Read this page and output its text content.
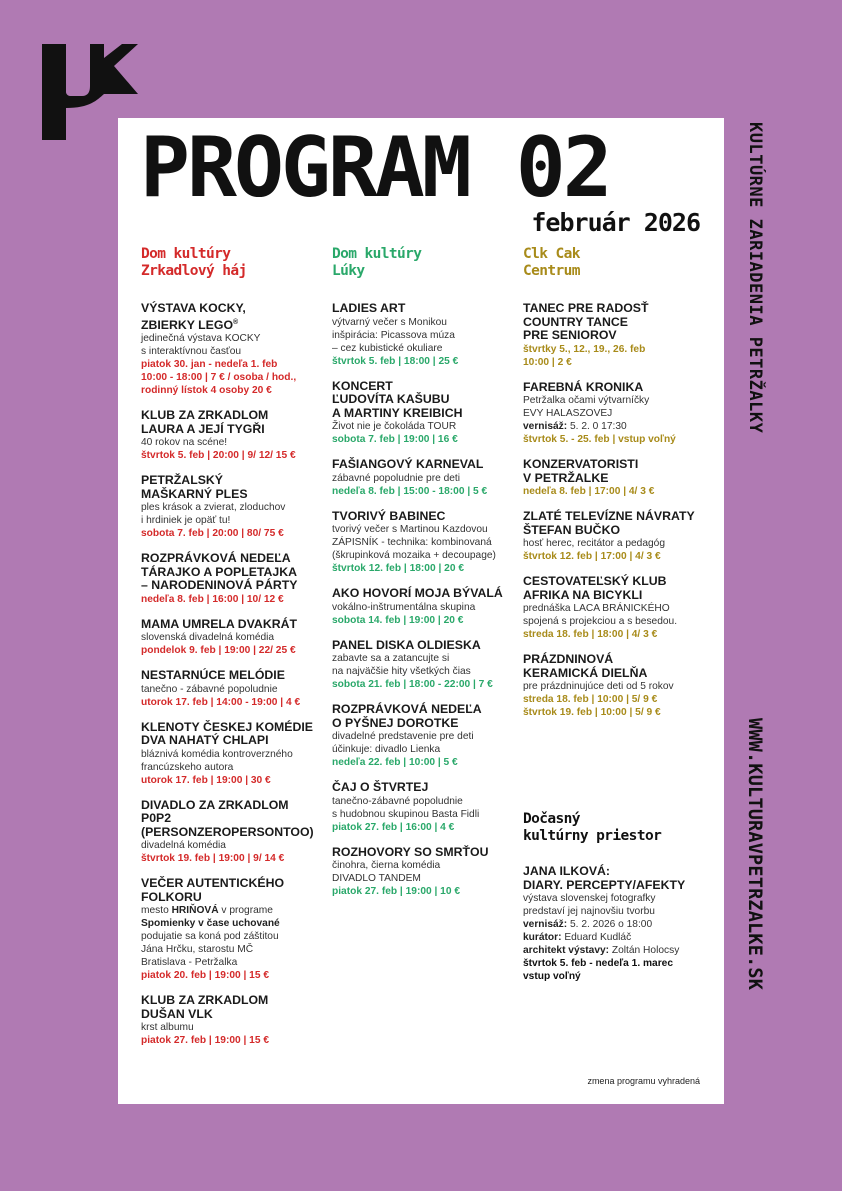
PROGRAM 02
február 2026
Dom kultúry
Zrkadlový háj
VÝSTAVA KOCKY,
ZBIERKY LEGO®
jedinečná výstava KOCKY
s interaktívnou časťou
piatok 30. jan - nedeľa 1. feb
10:00 - 18:00 | 7 € / osoba / hod.,
rodinný lístok 4 osoby 20 €
KLUB ZA ZRKADLOM
LAURA A JEJÍ TYGŘI
40 rokov na scéne!
štvrtok 5. feb | 20:00 | 9/ 12/ 15 €
PETRŽALSKÝ
MAŠKARNÝ PLES
ples krások a zvierat, zloduchov
i hrdiniek je opäť tu!
sobota 7. feb | 20:00 | 80/ 75 €
ROZPRÁVKOVÁ NEDEĽA
TÁRAJKO A POPLETAJKA
– NARODENINOVÁ PÁRTY
nedeľa 8. feb | 16:00 | 10/ 12 €
MAMA UMRELA DVAKRÁT
slovenská divadelná komédia
pondelok 9. feb | 19:00 | 22/ 25 €
NESTARNÚCE MELÓDIE
tanečno - zábavné popoludnie
utorok 17. feb | 14:00 - 19:00 | 4 €
KLENOTY ČESKEJ KOMÉDIE
DVA NAHATÝ CHLAPI
bláznivá komédia kontroverzného
francúzskeho autora
utorok 17. feb | 19:00 | 30 €
DIVADLO ZA ZRKADLOM
P0P2
(PERSONZEROPERSONTOO)
divadelná komédia
štvrtok 19. feb | 19:00 | 9/ 14 €
VEČER AUTENTICKÉHO
FOLKORU
mesto HRIŇOVÁ v programe
Spomienky v čase uchované
podujatie sa koná pod záštitou
Jána Hrčku, starostu MČ
Bratislava - Petržalka
piatok 20. feb | 19:00 | 15 €
KLUB ZA ZRKADLOM
DUŠAN VLK
krst albumu
piatok 27. feb | 19:00 | 15 €
Dom kultúry
Lúky
LADIES ART
výtvarný večer s Monikou
inšpirácia: Picassova múza
– cez kubistické okuliare
štvrtok 5. feb | 18:00 | 25 €
KONCERT
ĽUDOVÍTA KAŠUBU
A MARTINY KREIBICH
Život nie je čokoláda TOUR
sobota 7. feb | 19:00 | 16 €
FAŠIANGOVÝ KARNEVAL
zábavné popoludnie pre deti
nedeľa 8. feb | 15:00 - 18:00 | 5 €
TVORIVÝ BABINEC
tvorivý večer s Martinou Kazdovou
ZÁPISNÍK - technika: kombinovaná
(škrupinková mozaika + decoupage)
štvrtok 12. feb | 18:00 | 20 €
AKO HOVORÍ MOJA BÝVALÁ
vokálno-inštrumentálna skupina
sobota 14. feb | 19:00 | 20 €
PANEL DISKA OLDIESKA
zabavte sa a zatancujte si
na najväčšie hity všetkých čias
sobota 21. feb | 18:00 - 22:00 | 7 €
ROZPRÁVKOVÁ NEDEĽA
O PYŠNEJ DOROTKE
divadelné predstavenie pre deti
účinkuje: divadlo Lienka
nedeľa 22. feb | 10:00 | 5 €
ČAJ O ŠTVRTEJ
tanečno-zábavné popoludnie
s hudobnou skupinou Basta Fidli
piatok 27. feb | 16:00 | 4 €
ROZHOVORY SO SMRŤOU
činohra, čierna komédia
DIVADLO TANDEM
piatok 27. feb | 19:00 | 10 €
Clk Cak
Centrum
TANEC PRE RADOSŤ
COUNTRY TANCE
PRE SENIOROV
štvrtky 5., 12., 19., 26. feb
10:00 | 2 €
FAREBNÁ KRONIKA
Petržalka očami výtvarníčky
EVY HALASZOVEJ
vernisáž: 5. 2. 0 17:30
štvrtok 5. - 25. feb | vstup voľný
KONZERVATORISTI
V PETRŽALKE
nedeľa 8. feb | 17:00 | 4/ 3 €
ZLATÉ TELEVÍZNE NÁVRATY
ŠTEFAN BUČKO
hosť herec, recitátor a pedagóg
štvrtok 12. feb | 17:00 | 4/ 3 €
CESTOVATEĽSKÝ KLUB
AFRIKA NA BICYKLI
prednáška LACA BRÁNICKÉHO
spojená s projekciou a s besedou.
streda 18. feb | 18:00 | 4/ 3 €
PRÁZDNINOVÁ
KERAMICKÁ DIELŇA
pre prázdninujúce deti od 5 rokov
streda 18. feb | 10:00 | 5/ 9 €
štvrtok 19. feb | 10:00 | 5/ 9 €
Dočasný
kultúrny priestor
JANA ILKOVÁ:
DIARY. PERCEPTY/AFEKTY
výstava slovenskej fotografky
predstaví jej najnovšiu tvorbu
vernisáž: 5. 2. 2026 o 18:00
kurátor: Eduard Kudláč
architekt výstavy: Zoltán Holocsy
štvrtok 5. feb - nedeľa 1. marec
vstup voľný
zmena programu vyhradená
KULTÚRNE ZARIADENIA PETRŽALKY
WWW.KULTURAVPETRZALKE.SK
